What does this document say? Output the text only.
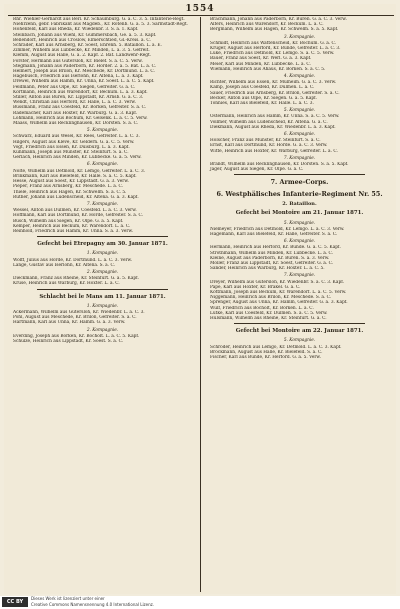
1554
Rhr. Wiehler-Gerhardt aus Berl. Kr. Schaumburg. G. a. C. 3. 5. Infanterie-Regt.
Niehrzenn, gebr. Fabrikant aus Magdeb., Kr. Rotenb. G. a. 5. 3. Sarmstadt-Regt.
Hohenfeld, Karl aus Rheda, Kr. Wiedenbr. 3. S. a. 1. Kapf.
Steinbach, Johann aus Wiehl, Kr. Gummersbach, Ge. a. 5. 3. Kapf.
Bellendorf, Heinrich aus Croslow, Elmerschtied, Gl.-Kreis. a. C.
Schrader, Karl aus Arnsberg, Kr. Soest, Ehrenh. 5. Bataillon. L. a. E.
Zimmer, Wilhelm aus Lübbecke, Kr. Minden, L. a. 3. 5. Gefreit.
Klemm, August aus Halle, G. a. 2. Kapf. 2. Bat. Landwehr-Regt.
Forster, Hermann aus Gütersloh, Kr. Bielef. S. a. C. 5. Verw.
Stegmann, Johann aus Paderborn, Kr. Hörder. 2. a. 5. Bat. L. a. C.
Helmert, Joseph aus Brilon, Kr. Meschede, Kr. Dortmund. L. a. C.
Hagebusch, Friedrich aus Iserlohn, Kr. Altena, L. a. 3. Kapf.
Drewel, Wilhelm aus Hamm, Kr. Unna, Kr. Soest. L. a. C. 5. Kapf.
Feldmann, Peter aus Olpe, Kr. Siegen, Gefreiter. G. a. C.
Kortmann, Heinrich aus Warendorf, Kr. Beckum. L. a. 3. Kapf.
Stiller, Anton aus Büren, Kr. Lippstadt, Kr. Arnsb. G. a. C. 3.
Wendt, Christian aus Herford, Kr. Halle, L. a. C. 3. Verw.
Bussmann, Franz aus Coesfeld, Kr. Borken, Gefreiter. S. a. C.
Rademacher, Karl aus Höxter, Kr. Warburg. G. a. 3. Kapf.
Lohmann, Heinrich aus Bochum, Kr. Gelsenk. L. a. C. 5. Verw.
Maass, Wilhelm aus Recklinghausen, Kr. Dorsten. S. a. C.
5. Kompagnie.
Schwarz, Eduard aus Wesel, Kr. Rees, Gefreiter. L. a. C. 3.
Hilgers, August aus Kleve, Kr. Geldern. G. a. C. 5. Verw.
Vogt, Friedrich aus Essen, Kr. Duisburg. L. a. 3. Kapf.
Kuhlmann, Joseph aus Münster, Kr. Steinfurt. S. a. C.
Gerlach, Heinrich aus Minden, Kr. Lübbecke. G. a. 5. Verw.
6. Kompagnie.
Nolte, Wilhelm aus Detmold, Kr. Lemgo, Gefreiter. L. a. C. 3.
Brinkmann, Karl aus Bielefeld, Kr. Halle. S. a. C. 5. Kapf.
Hesse, August aus Soest, Kr. Lippstadt. G. a. 3. Verw.
Pieper, Franz aus Arnsberg, Kr. Meschede. L. a. C.
Thiele, Heinrich aus Hagen, Kr. Schwelm. S. a. C. 5.
Rüther, Johann aus Lüdenscheid, Kr. Altena. G. a. 3. Kapf.
7. Kompagnie.
Wessel, Anton aus Dülmen, Kr. Coesfeld. L. a. C. 3. Verw.
Hoffmann, Karl aus Dortmund, Kr. Hörde, Gefreiter. S. a. C.
Busch, Wilhelm aus Siegen, Kr. Olpe. G. a. 5. Kapf.
Kemper, Heinrich aus Beckum, Kr. Warendorf. L. a. C.
Reinhold, Friedrich aus Hamm, Kr. Unna. S. a. 3. Verw.
Gefecht bei Etrepagny am 30. Januar 1871.
1. Kompagnie.
Wolff, Julius aus Hörde, Kr. Dortmund. L. a. C. 3. Verw.
Lange, Gustav aus Iserlohn, Kr. Altena. S. a. C.
2. Kompagnie.
Dieckmann, Franz aus Rheine, Kr. Steinfurt. G. a. 5. Kapf.
Kruse, Heinrich aus Warburg, Kr. Höxter. L. a. C.
Schlacht bei le Mans am 11. Januar 1871.
1. Kompagnie.
Ackermann, Wilhelm aus Gütersloh, Kr. Wiedenbr. L. a. C. 3.
Pohl, August aus Meschede, Kr. Brilon, Gefreiter. S. a. C.
Hartmann, Karl aus Unna, Kr. Hamm. G. a. 3. Verw.
2. Kompagnie.
Everding, Joseph aus Borken, Kr. Bocholt. L. a. C. 5. Kapf.
Schulze, Heinrich aus Lippstadt, Kr. Soest. S. a. C.
Brachmann, Johann aus Paderborn, Kr. Büren. G. a. C. 3. Verw.
Alfers, Heinrich aus Warendorf, Kr. Beckum. L. a. C.
Bergmann, Wilhelm aus Hagen, Kr. Schwelm. S. a. 5. Kapf.
3. Kompagnie.
Schmidt, Heinrich aus Wattenscheid, Kr. Bochum. G. a. C.
Krüger, August aus Herford, Kr. Bünde, Gefreiter. L. a. C. 3.
Lüke, Friedrich aus Detmold, Kr. Lemgo. S. a. C. 5. Verw.
Bauer, Franz aus Soest, Kr. Werl. G. a. 3. Kapf.
Meier, Karl aus Minden, Kr. Lübbecke. L. a. C.
Wiemann, Heinrich aus Ahaus, Kr. Borken. S. a. C. 5.
4. Kompagnie.
Richter, Wilhelm aus Essen, Kr. Mülheim. G. a. C. 3. Verw.
Kamp, Joseph aus Coesfeld, Kr. Dülmen. L. a. C.
Sauer, Friedrich aus Arnsberg, Kr. Brilon, Gefreiter. S. a. C.
Becker, Anton aus Olpe, Kr. Siegen. G. a. 5. Kapf.
Tönnies, Karl aus Bielefeld, Kr. Halle. L. a. C. 3.
5. Kompagnie.
Ostermann, Heinrich aus Hamm, Kr. Unna. S. a. C. 5. Verw.
Vollmer, Wilhelm aus Lüdenscheid, Kr. Altena. G. a. C.
Diekmann, August aus Rheda, Kr. Wiedenbr. L. a. 3. Kapf.
6. Kompagnie.
Hölscher, Franz aus Münster, Kr. Steinfurt. S. a. C.
Ernst, Karl aus Dortmund, Kr. Hörde. G. a. C. 3. Verw.
Witte, Heinrich aus Höxter, Kr. Warburg, Gefreiter. L. a. C.
7. Kompagnie.
Brandt, Wilhelm aus Recklinghausen, Kr. Dorsten. S. a. 5. Kapf.
Jäger, August aus Siegen, Kr. Olpe. G. a. C.
7. Armee-Corps.
6. Westphälisches Infanterie-Regiment Nr. 55.
2. Bataillon.
Gefecht bei Montoire am 21. Januar 1871.
5. Kompagnie.
Niemeyer, Friedrich aus Detmold, Kr. Lemgo. L. a. C. 3. Verw.
Hagemann, Karl aus Bielefeld, Kr. Halle, Gefreiter. S. a. C.
6. Kompagnie.
Hermann, Heinrich aus Herford, Kr. Bünde. G. a. C. 5. Kapf.
Strothmann, Wilhelm aus Minden, Kr. Lübbecke. L. a. C.
Kleine, August aus Paderborn, Kr. Büren. S. a. 3. Verw.
Möller, Franz aus Lippstadt, Kr. Soest, Gefreiter. G. a. C.
Sander, Heinrich aus Warburg, Kr. Höxter. L. a. C. 5.
7. Kompagnie.
Dreyer, Wilhelm aus Gütersloh, Kr. Wiedenbr. S. a. C. 3. Kapf.
Pape, Karl aus Höxter, Kr. Brakel. G. a. C.
Kottmann, Joseph aus Beckum, Kr. Warendorf. L. a. C. 5. Verw.
Niggemann, Heinrich aus Brilon, Kr. Meschede. S. a. C.
Sprenger, August aus Unna, Kr. Hamm, Gefreiter. G. a. 3. Kapf.
Wulf, Friedrich aus Bocholt, Kr. Borken. L. a. C.
Lütke, Karl aus Coesfeld, Kr. Dülmen. S. a. C. 5. Verw.
Hülsmann, Wilhelm aus Rheine, Kr. Steinfurt. G. a. C.
Gefecht bei Montoire am 22. Januar 1871.
5. Kompagnie.
Schröder, Heinrich aus Lemgo, Kr. Detmold. L. a. C. 3. Kapf.
Brockmann, August aus Halle, Kr. Bielefeld. S. a. C.
Fischer, Karl aus Bünde, Kr. Herford. G. a. 5. Verw.
CC BY
Dieses Werk ist lizenziert unter einer
Creative Commons Namensnennung 4.0 International Lizenz.
